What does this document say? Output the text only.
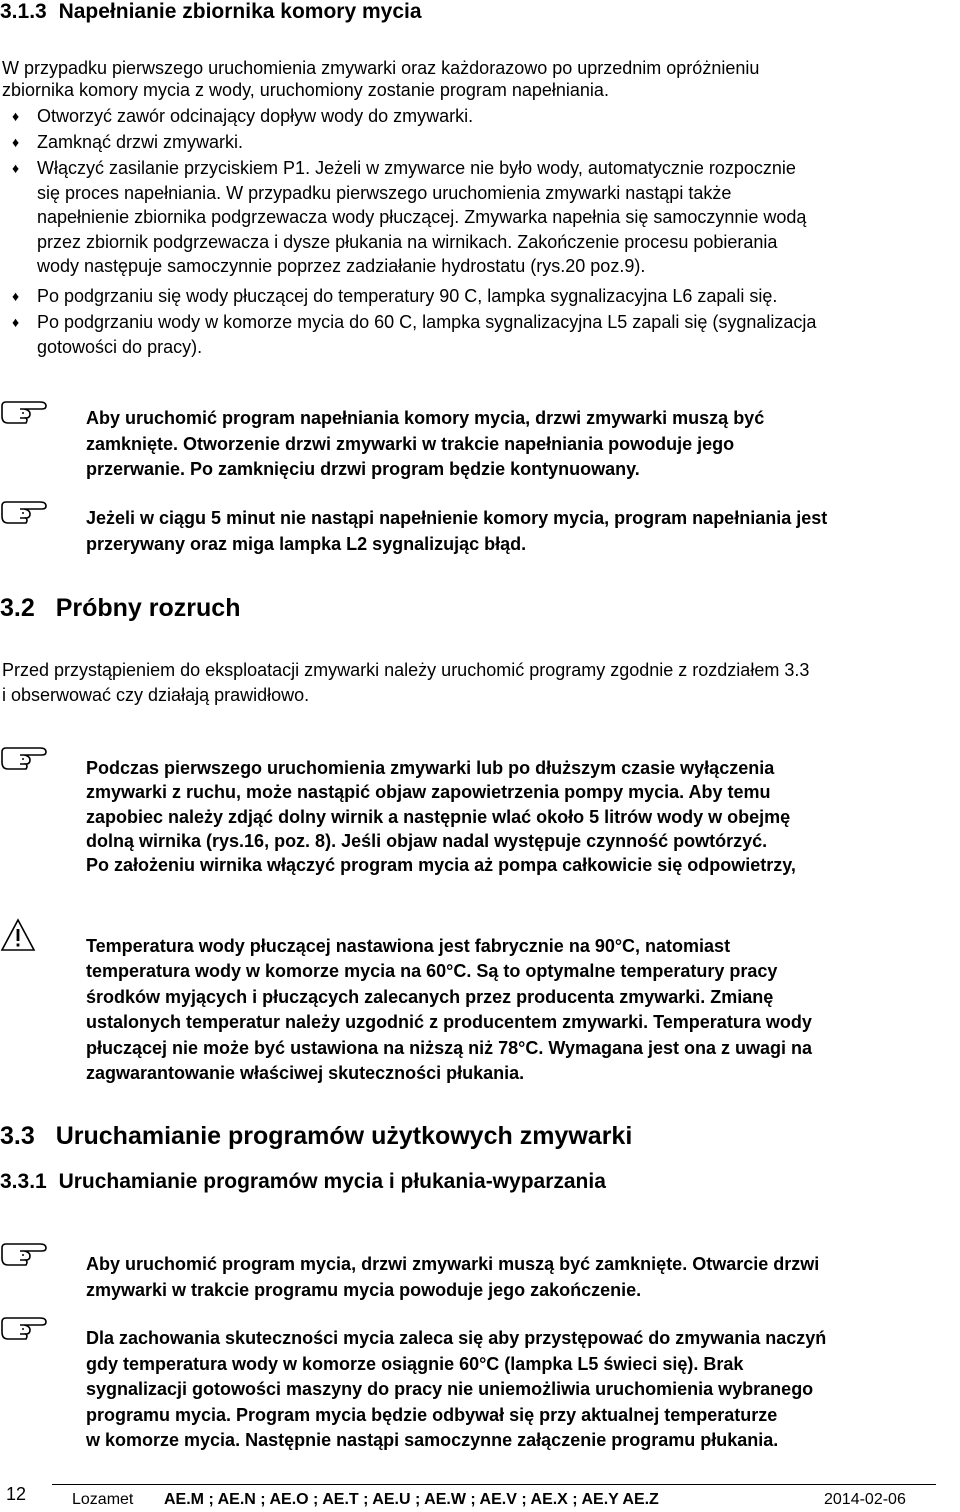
3.1.3 Napełnianie zbiornika komory mycia
W przypadku pierwszego uruchomienia zmywarki oraz każdorazowo po uprzednim opróżnieniu
zbiornika komory mycia z wody, uruchomiony zostanie program napełniania.
♦ Otworzyć zawór odcinający dopływ wody do zmywarki.
♦ Zamknąć drzwi zmywarki.
♦ Włączyć zasilanie przyciskiem P1. Jeżeli w zmywarce nie było wody, automatycznie rozpocznie
się proces napełniania. W przypadku pierwszego uruchomienia zmywarki nastąpi także
napełnienie zbiornika podgrzewacza wody płuczącej. Zmywarka napełnia się samoczynnie wodą
przez zbiornik podgrzewacza i dysze płukania na wirnikach. Zakończenie procesu pobierania
wody następuje samoczynnie poprzez zadziałanie hydrostatu (rys.20 poz.9).
♦ Po podgrzaniu się wody płuczącej do temperatury 90 C, lampka sygnalizacyjna L6 zapali się.
♦ Po podgrzaniu wody w komorze mycia do 60 C, lampka sygnalizacyjna L5 zapali się (sygnalizacja
gotowości do pracy).
Aby uruchomić program napełniania komory mycia, drzwi zmywarki muszą być
zamknięte. Otworzenie drzwi zmywarki w trakcie napełniania powoduje jego
przerwanie. Po zamknięciu drzwi program będzie kontynuowany.
Jeżeli w ciągu 5 minut nie nastąpi napełnienie komory mycia, program napełniania jest
przerywany oraz miga lampka L2 sygnalizując błąd.
3.2 Próbny rozruch
Przed przystąpieniem do eksploatacji zmywarki należy uruchomić programy zgodnie z rozdziałem 3.3
i obserwować czy działają prawidłowo.
Podczas pierwszego uruchomienia zmywarki lub po dłuższym czasie wyłączenia
zmywarki z ruchu, może nastąpić objaw zapowietrzenia pompy mycia. Aby temu
zapobiec należy zdjąć dolny wirnik a następnie wlać około 5 litrów wody w obejmę
dolną wirnika (rys.16, poz. 8). Jeśli objaw nadal występuje czynność powtórzyć.
Po założeniu wirnika włączyć program mycia aż pompa całkowicie się odpowietrzy,
Temperatura wody płuczącej nastawiona jest fabrycznie na 90°C, natomiast
temperatura wody w komorze mycia na 60°C. Są to optymalne temperatury pracy
środków myjących i płuczących zalecanych przez producenta zmywarki. Zmianę
ustalonych temperatur należy uzgodnić z producentem zmywarki. Temperatura wody
płuczącej nie może być ustawiona na niższą niż 78°C. Wymagana jest ona z uwagi na
zagwarantowanie właściwej skuteczności płukania.
3.3 Uruchamianie programów użytkowych zmywarki
3.3.1 Uruchamianie programów mycia i płukania-wyparzania
Aby uruchomić program mycia, drzwi zmywarki muszą być zamknięte. Otwarcie drzwi
zmywarki w trakcie programu mycia powoduje jego zakończenie.
Dla zachowania skuteczności mycia zaleca się aby przystępować do zmywania naczyń
gdy temperatura wody w komorze osiągnie 60°C (lampka L5 świeci się). Brak
sygnalizacji gotowości maszyny do pracy nie uniemożliwia uruchomienia wybranego
programu mycia. Program mycia będzie odbywał się przy aktualnej temperaturze
w komorze mycia. Następnie nastąpi samoczynne załączenie programu płukania.
12	Lozamet AE.M ; AE.N ; AE.O ; AE.T ; AE.U ; AE.W ; AE.V ; AE.X ; AE.Y AE.Z	2014-02-06
